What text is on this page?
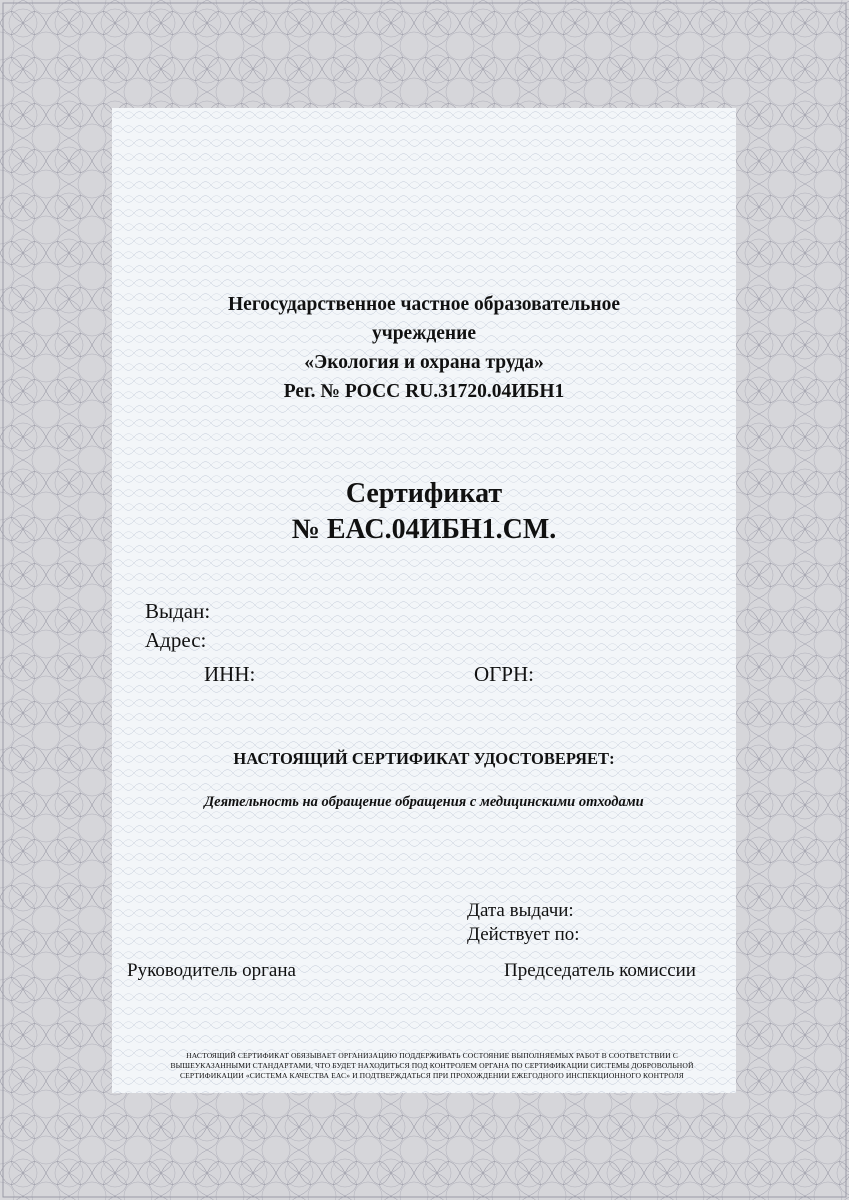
Негосударственное частное образовательное
учреждение
«Экология и охрана труда»
Рег. № РОСС RU.31720.04ИБН1
Сертификат
№ ЕАС.04ИБН1.СМ.
Выдан:
Адрес:
ИНН:	ОГРН:
НАСТОЯЩИЙ СЕРТИФИКАТ УДОСТОВЕРЯЕТ:
Деятельность на обращение обращения с медицинскими отходами
Дата выдачи:
Действует по:
Руководитель органа	Председатель комиссии
НАСТОЯЩИЙ СЕРТИФИКАТ ОБЯЗЫВАЕТ ОРГАНИЗАЦИЮ ПОДДЕРЖИВАТЬ СОСТОЯНИЕ ВЫПОЛНЯЕМЫХ РАБОТ В СООТВЕТСТВИИ С
ВЫШЕУКАЗАННЫМИ СТАНДАРТАМИ, ЧТО БУДЕТ НАХОДИТЬСЯ ПОД КОНТРОЛЕМ ОРГАНА ПО СЕРТИФИКАЦИИ СИСТЕМЫ ДОБРОВОЛЬНОЙ
СЕРТИФИКАЦИИ «СИСТЕМА КАЧЕСТВА ЕАС» И ПОДТВЕРЖДАТЬСЯ ПРИ ПРОХОЖДЕНИИ ЕЖЕГОДНОГО ИНСПЕКЦИОННОГО КОНТРОЛЯ
